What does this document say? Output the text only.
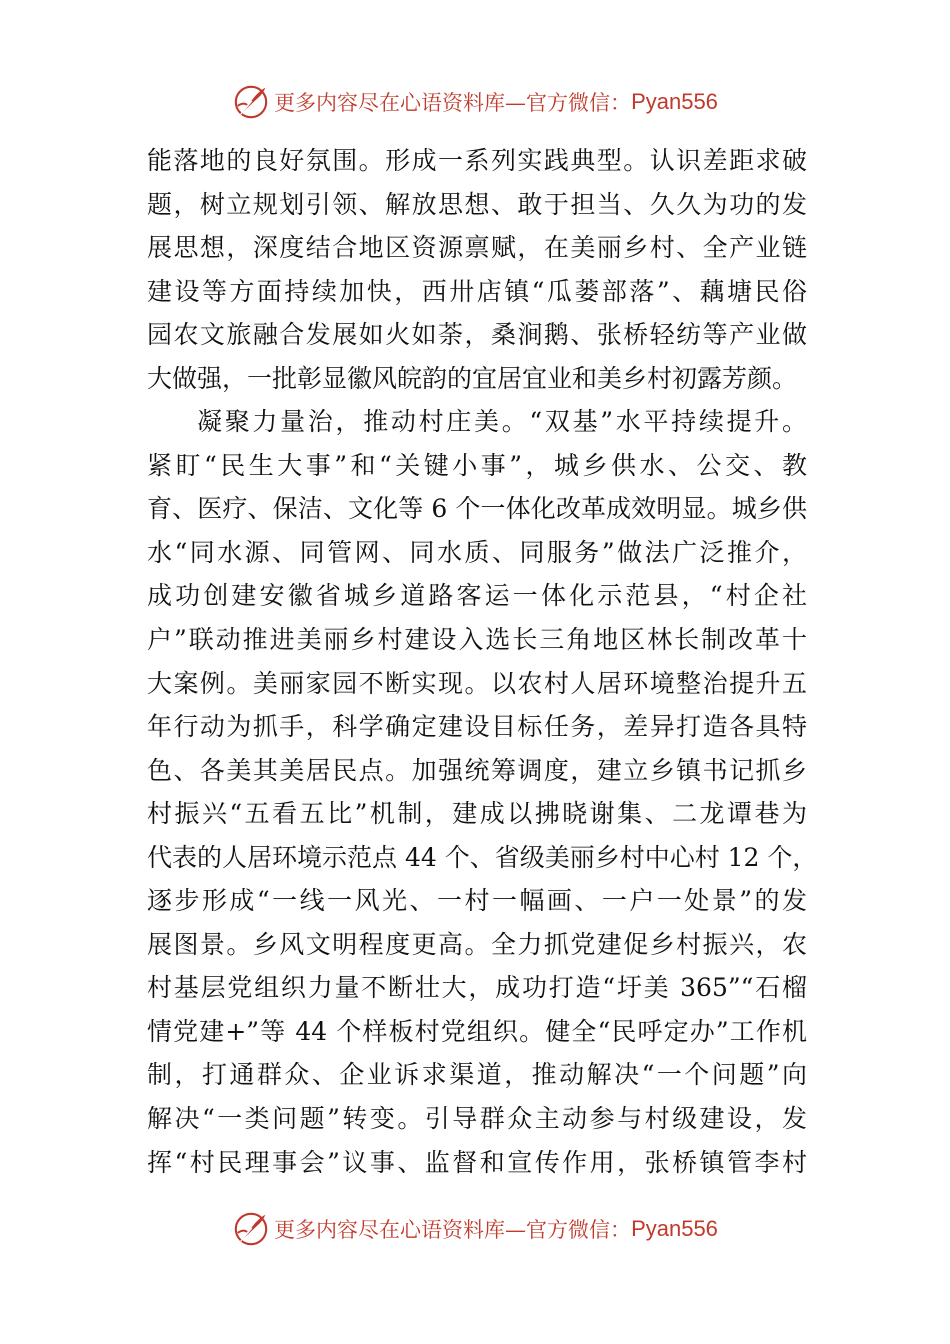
更多内容尽在心语资料库—官方微信： Pyan556
能落地的良好氛围。形成一系列实践典型。认识差距求破
题，树立规划引领、解放思想、敢于担当、久久为功的发
展思想，深度结合地区资源禀赋，在美丽乡村、全产业链
建设等方面持续加快，西卅店镇“瓜蒌部落”、藕塘民俗
园农文旅融合发展如火如荼，桑涧鹅、张桥轻纺等产业做
大做强，一批彰显徽风皖韵的宜居宜业和美乡村初露芳颜。
凝聚力量治，推动村庄美。“双基”水平持续提升。
紧盯“民生大事”和“关键小事”，城乡供水、公交、教
育、医疗、保洁、文化等 6 个一体化改革成效明显。城乡供
水“同水源、同管网、同水质、同服务”做法广泛推介，
成功创建安徽省城乡道路客运一体化示范县，“村企社
户”联动推进美丽乡村建设入选长三角地区林长制改革十
大案例。美丽家园不断实现。以农村人居环境整治提升五
年行动为抓手，科学确定建设目标任务，差异打造各具特
色、各美其美居民点。加强统筹调度，建立乡镇书记抓乡
村振兴“五看五比”机制，建成以拂晓谢集、二龙谭巷为
代表的人居环境示范点 44 个、省级美丽乡村中心村 12 个，
逐步形成“一线一风光、一村一幅画、一户一处景”的发
展图景。乡风文明程度更高。全力抓党建促乡村振兴，农
村基层党组织力量不断壮大，成功打造“圩美 365”“石榴
情党建+”等 44 个样板村党组织。健全“民呼定办”工作机
制，打通群众、企业诉求渠道，推动解决“一个问题”向
解决“一类问题”转变。引导群众主动参与村级建设，发
挥“村民理事会”议事、监督和宣传作用，张桥镇管李村
更多内容尽在心语资料库—官方微信： Pyan556
